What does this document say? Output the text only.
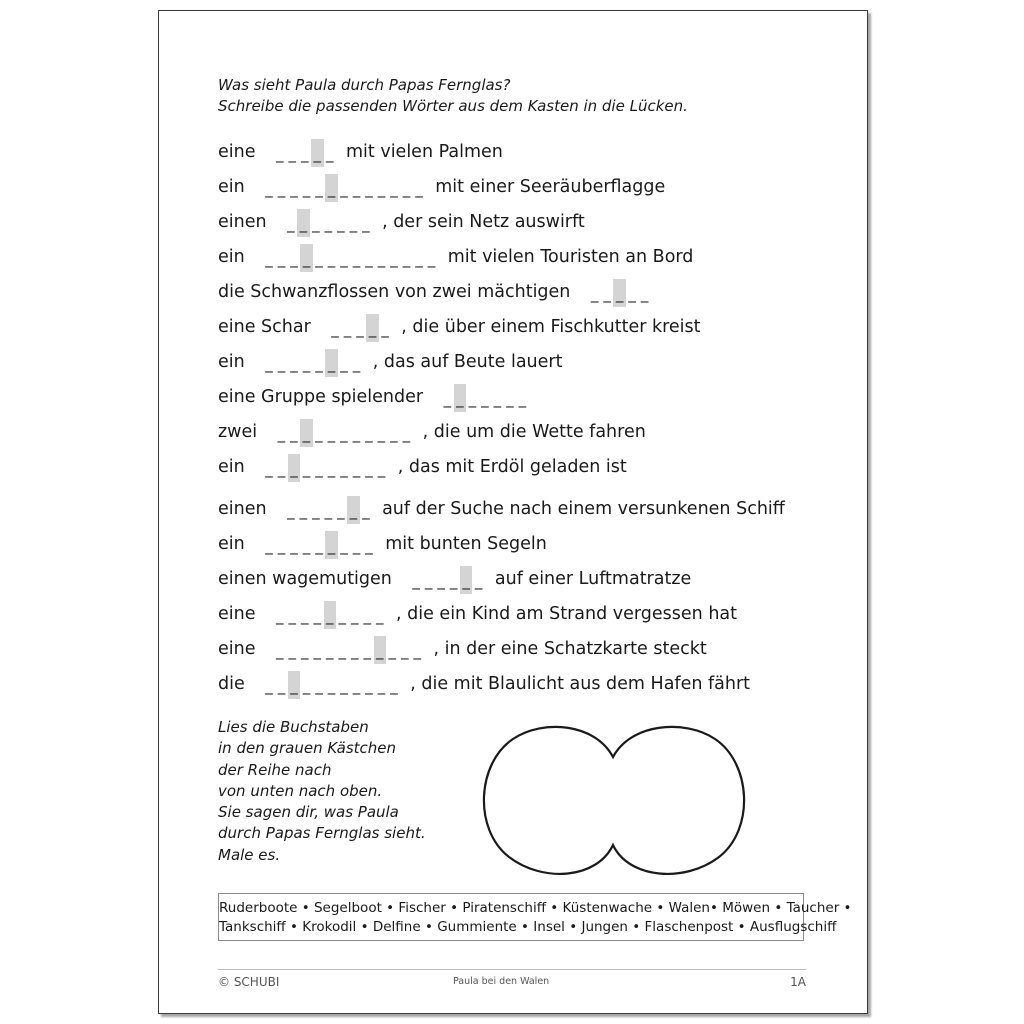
Was sieht Paula durch Papas Fernglas?
Schreibe die passenden Wörter aus dem Kasten in die Lücken.
eine _ _ _ _ _ mit vielen Palmen
ein _ _ _ _ _ _ _ _ _ _ _ _ _ mit einer Seeräuberflagge
einen _ _ _ _ _ _ _ , der sein Netz auswirft
ein _ _ _ _ _ _ _ _ _ _ _ _ _ _ mit vielen Touristen an Bord
die Schwanzflossen von zwei mächtigen _ _ _ _ _
eine Schar _ _ _ _ _ , die über einem Fischkutter kreist
ein _ _ _ _ _ _ _ _ , das auf Beute lauert
eine Gruppe spielender _ _ _ _ _ _ _
zwei _ _ _ _ _ _ _ _ _ _ _ , die um die Wette fahren
ein _ _ _ _ _ _ _ _ _ _ , das mit Erdöl geladen ist
einen _ _ _ _ _ _ _ auf der Suche nach einem versunkenen Schiff
ein _ _ _ _ _ _ _ _ _ mit bunten Segeln
einen wagemutigen _ _ _ _ _ _ auf einer Luftmatratze
eine _ _ _ _ _ _ _ _ _ , die ein Kind am Strand vergessen hat
eine _ _ _ _ _ _ _ _ _ _ _ _ , in der eine Schatzkarte steckt
die _ _ _ _ _ _ _ _ _ _ _ , die mit Blaulicht aus dem Hafen fährt
Lies die Buchstaben
in den grauen Kästchen
der Reihe nach
von unten nach oben.
Sie sagen dir, was Paula
durch Papas Fernglas sieht.
Male es.
Ruderboote • Segelboot • Fischer • Piratenschiff • Küstenwache • Walen• Möwen • Taucher •
Tankschiff • Krokodil • Delfine • Gummiente • Insel • Jungen • Flaschenpost • Ausflugschiff
© SCHUBI	Paula bei den Walen	1A
